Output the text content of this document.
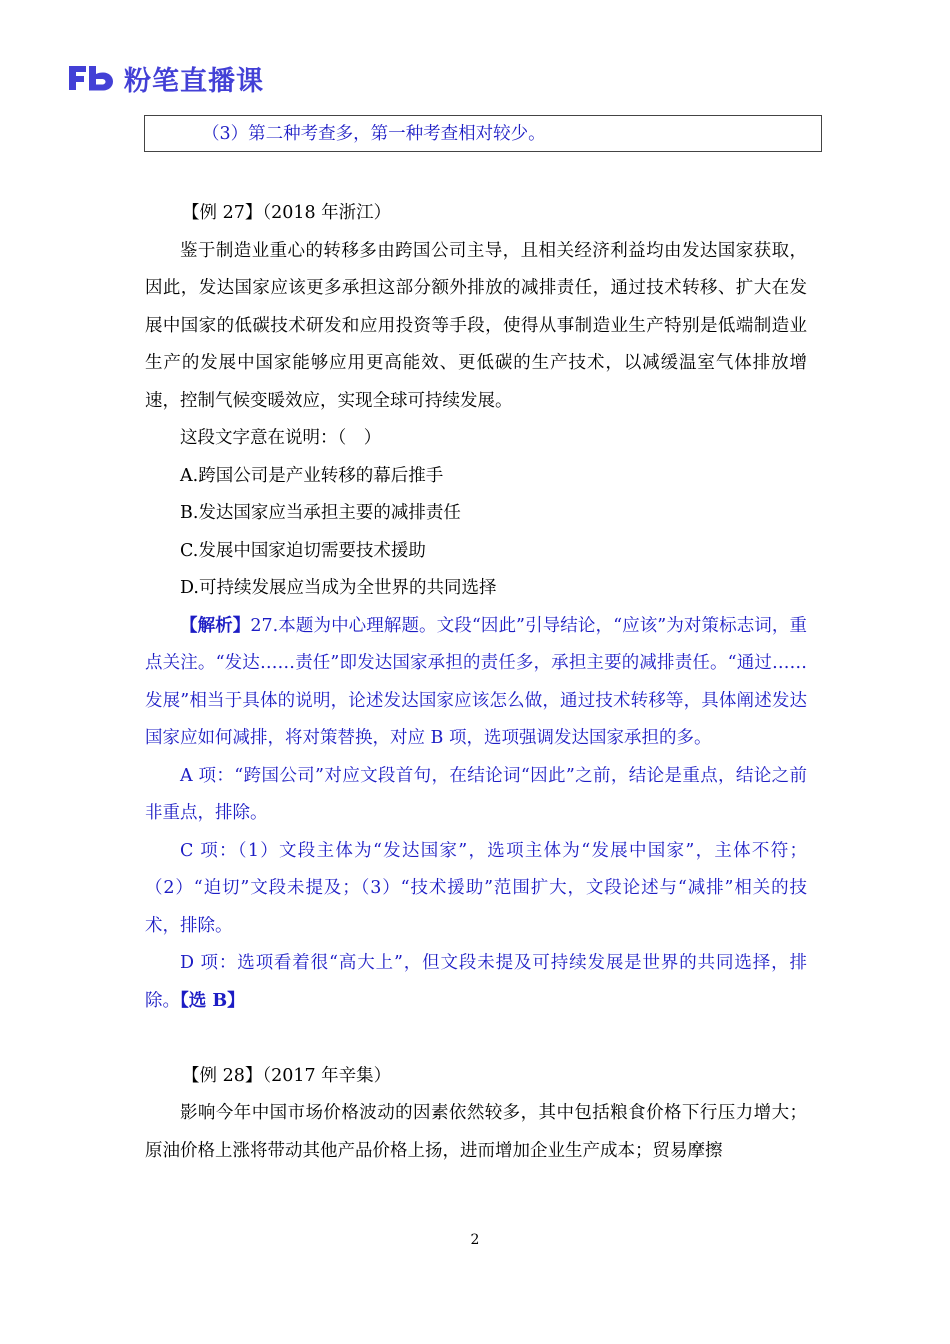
粉笔直播课
（3）第二种考查多，第一种考查相对较少。

【例 27】（2018 年浙江）

鉴于制造业重心的转移多由跨国公司主导，且相关经济利益均由发达国家获取，因此，发达国家应该更多承担这部分额外排放的减排责任，通过技术转移、扩大在发展中国家的低碳技术研发和应用投资等手段，使得从事制造业生产特别是低端制造业生产的发展中国家能够应用更高能效、更低碳的生产技术，以减缓温室气体排放增速，控制气候变暖效应，实现全球可持续发展。

这段文字意在说明：（　）

A.跨国公司是产业转移的幕后推手

B.发达国家应当承担主要的减排责任

C.发展中国家迫切需要技术援助

D.可持续发展应当成为全世界的共同选择

【解析】27.本题为中心理解题。文段“因此”引导结论，“应该”为对策标志词，重点关注。“发达……责任”即发达国家承担的责任多，承担主要的减排责任。“通过……发展”相当于具体的说明，论述发达国家应该怎么做，通过技术转移等，具体阐述发达国家应如何减排，将对策替换，对应 B 项，选项强调发达国家承担的多。

A 项：“跨国公司”对应文段首句，在结论词“因此”之前，结论是重点，结论之前非重点，排除。

C 项：（1）文段主体为“发达国家”，选项主体为“发展中国家”，主体不符；（2）“迫切”文段未提及；（3）“技术援助”范围扩大，文段论述与“减排”相关的技术，排除。

D 项：选项看着很“高大上”，但文段未提及可持续发展是世界的共同选择，排除。【选 B】

【例 28】（2017 年辛集）

影响今年中国市场价格波动的因素依然较多，其中包括粮食价格下行压力增大；原油价格上涨将带动其他产品价格上扬，进而增加企业生产成本；贸易摩擦

2
